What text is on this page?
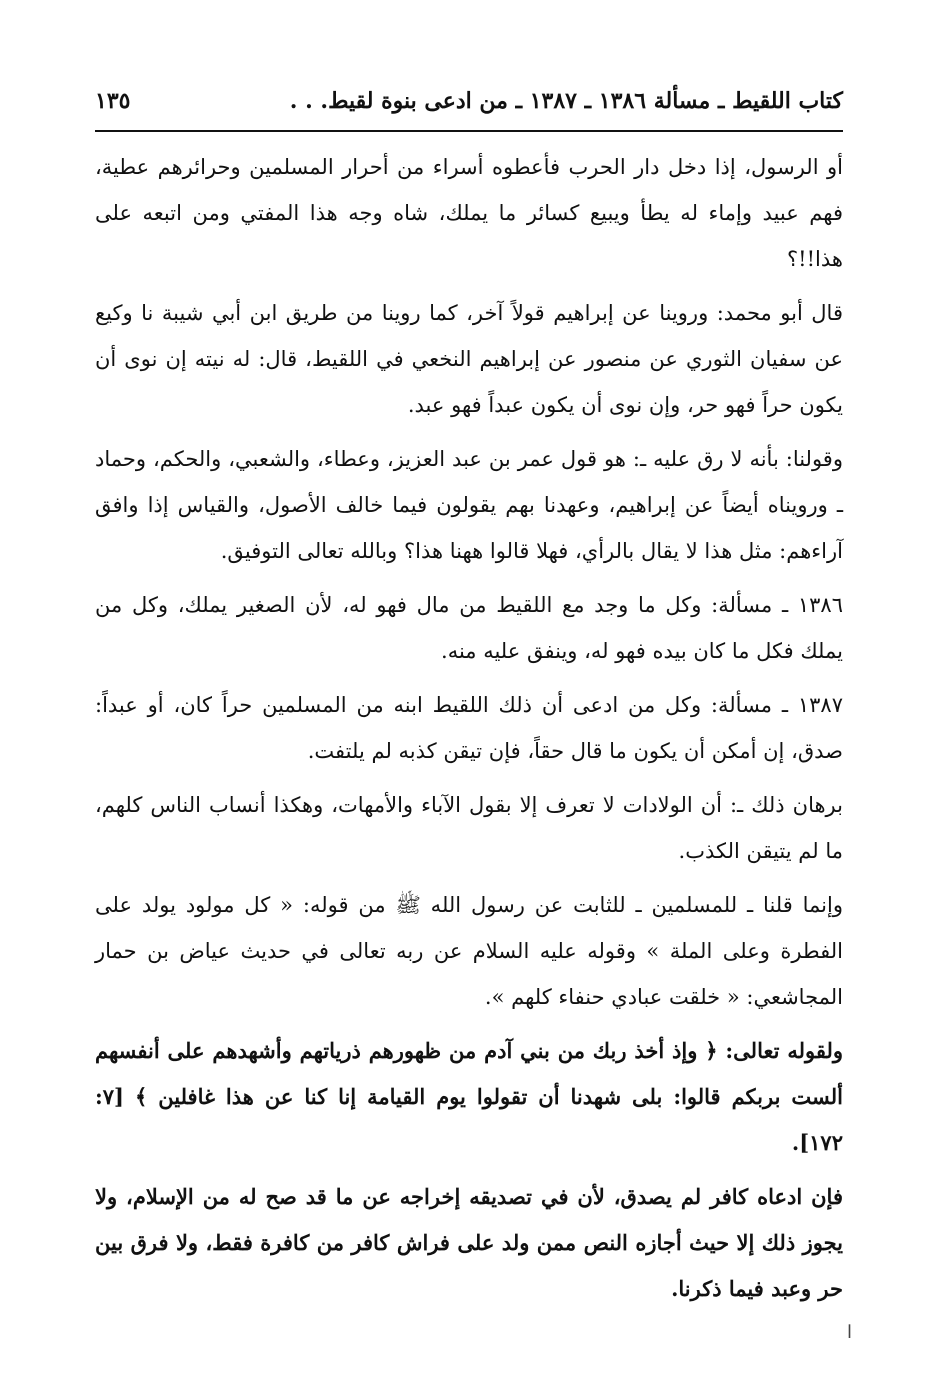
كتاب اللقيط ـ مسألة ١٣٨٦ ـ ١٣٨٧ ـ من ادعى بنوة لقيط. . .
١٣٥

أو الرسول، إذا دخل دار الحرب فأعطوه أسراء من أحرار المسلمين وحرائرهم عطية، فهم عبيد وإماء له يطأ ويبيع كسائر ما يملك، شاه وجه هذا المفتي ومن اتبعه على هذا!!؟

قال أبو محمد: وروينا عن إبراهيم قولاً آخر، كما روينا من طريق ابن أبي شيبة نا وكيع عن سفيان الثوري عن منصور عن إبراهيم النخعي في اللقيط، قال: له نيته إن نوى أن يكون حراً فهو حر، وإن نوى أن يكون عبداً فهو عبد.

وقولنا: بأنه لا رق عليه ـ: هو قول عمر بن عبد العزيز، وعطاء، والشعبي، والحكم، وحماد ـ ورويناه أيضاً عن إبراهيم، وعهدنا بهم يقولون فيما خالف الأصول، والقياس إذا وافق آراءهم: مثل هذا لا يقال بالرأي، فهلا قالوا ههنا هذا؟ وبالله تعالى التوفيق.

١٣٨٦ ـ مسألة: وكل ما وجد مع اللقيط من مال فهو له، لأن الصغير يملك، وكل من يملك فكل ما كان بيده فهو له، وينفق عليه منه.

١٣٨٧ ـ مسألة: وكل من ادعى أن ذلك اللقيط ابنه من المسلمين حراً كان، أو عبداً: صدق، إن أمكن أن يكون ما قال حقاً، فإن تيقن كذبه لم يلتفت.

برهان ذلك ـ: أن الولادات لا تعرف إلا بقول الآباء والأمهات، وهكذا أنساب الناس كلهم، ما لم يتيقن الكذب.

وإنما قلنا ـ للمسلمين ـ للثابت عن رسول الله ﷺ من قوله: « كل مولود يولد على الفطرة وعلى الملة » وقوله عليه السلام عن ربه تعالى في حديث عياض بن حمار المجاشعي: « خلقت عبادي حنفاء كلهم ».

ولقوله تعالى: ﴿ وإذ أخذ ربك من بني آدم من ظهورهم ذرياتهم وأشهدهم على أنفسهم ألست بربكم قالوا: بلى شهدنا أن تقولوا يوم القيامة إنا كنا عن هذا غافلين ﴾ [٧: ١٧٢].

فإن ادعاه كافر لم يصدق، لأن في تصديقه إخراجه عن ما قد صح له من الإسلام، ولا يجوز ذلك إلا حيث أجازه النص ممن ولد على فراش كافر من كافرة فقط، ولا فرق بين حر وعبد فيما ذكرنا.

ا
